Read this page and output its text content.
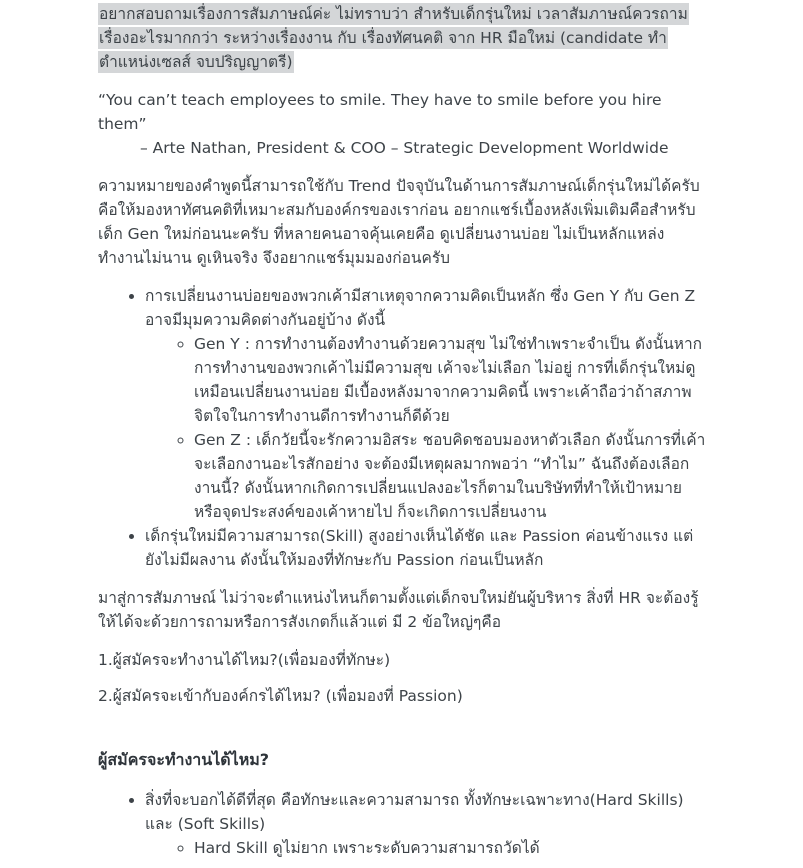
อยากสอบถามเรื่องการสัมภาษณ์ค่ะ ไม่ทราบว่า สำหรับเด็กรุ่นใหม่ เวลาสัมภาษณ์ควรถามเรื่องอะไรมากกว่า ระหว่างเรื่องงาน กับ เรื่องทัศนคติ จาก HR มือใหม่ (candidate ทำตำแหน่งเซลส์ จบปริญญาตรี)

“You can’t teach employees to smile. They have to smile before you hire them”
– Arte Nathan, President & COO – Strategic Development Worldwide

ความหมายของคำพูดนี้สามารถใช้กับ Trend ปัจจุบันในด้านการสัมภาษณ์เด็กรุ่นใหม่ได้ครับ คือให้มองหาทัศนคติที่เหมาะสมกับองค์กรของเราก่อน อยากแชร์เบื้องหลังเพิ่มเติมคือสำหรับเด็ก Gen ใหม่ก่อนนะครับ ที่หลายคนอาจคุ้นเคยคือ ดูเปลี่ยนงานบ่อย ไม่เป็นหลักแหล่ง ทำงานไม่นาน ดูเหินจริง จึงอยากแชร์มุมมองก่อนครับ

• การเปลี่ยนงานบ่อยของพวกเค้ามีสาเหตุจากความคิดเป็นหลัก ซึ่ง Gen Y กับ Gen Z อาจมีมุมความคิดต่างกันอยู่บ้าง ดังนี้
◦ Gen Y : การทำงานต้องทำงานด้วยความสุข ไม่ใช่ทำเพราะจำเป็น ดังนั้นหากการทำงานของพวกเค้าไม่มีความสุข เค้าจะไม่เลือก ไม่อยู่ การที่เด็กรุ่นใหม่ดูเหมือนเปลี่ยนงานบ่อย มีเบื้องหลังมาจากความคิดนี้ เพราะเค้าถือว่าถ้าสภาพจิตใจในการทำงานดีการทำงานก็ดีด้วย
◦ Gen Z : เด็กวัยนี้จะรักความอิสระ ชอบคิดชอบมองหาตัวเลือก ดังนั้นการที่เค้าจะเลือกงานอะไรสักอย่าง จะต้องมีเหตุผลมากพอว่า “ทำไม” ฉันถึงต้องเลือกงานนี้? ดังนั้นหากเกิดการเปลี่ยนแปลงอะไรก็ตามในบริษัทที่ทำให้เป้าหมายหรือจุดประสงค์ของเค้าหายไป ก็จะเกิดการเปลี่ยนงาน
• เด็กรุ่นใหม่มีความสามารถ(Skill) สูงอย่างเห็นได้ชัด และ Passion ค่อนข้างแรง แต่ยังไม่มีผลงาน ดังนั้นให้มองที่ทักษะกับ Passion ก่อนเป็นหลัก

มาสู่การสัมภาษณ์ ไม่ว่าจะตำแหน่งไหนก็ตามตั้งแต่เด็กจบใหม่ยันผู้บริหาร สิ่งที่ HR จะต้องรู้ให้ได้จะด้วยการถามหรือการสังเกตก็แล้วแต่ มี 2 ข้อใหญ่ๆคือ

1.ผู้สมัครจะทำงานได้ไหม?(เพื่อมองที่ทักษะ)

2.ผู้สมัครจะเข้ากับองค์กรได้ไหม? (เพื่อมองที่ Passion)

ผู้สมัครจะทำงานได้ไหม?
• สิ่งที่จะบอกได้ดีที่สุด คือทักษะและความสามารถ ทั้งทักษะเฉพาะทาง(Hard Skills) และ (Soft Skills)
◦ Hard Skill ดูไม่ยาก เพราะระดับความสามารถวัดได้
